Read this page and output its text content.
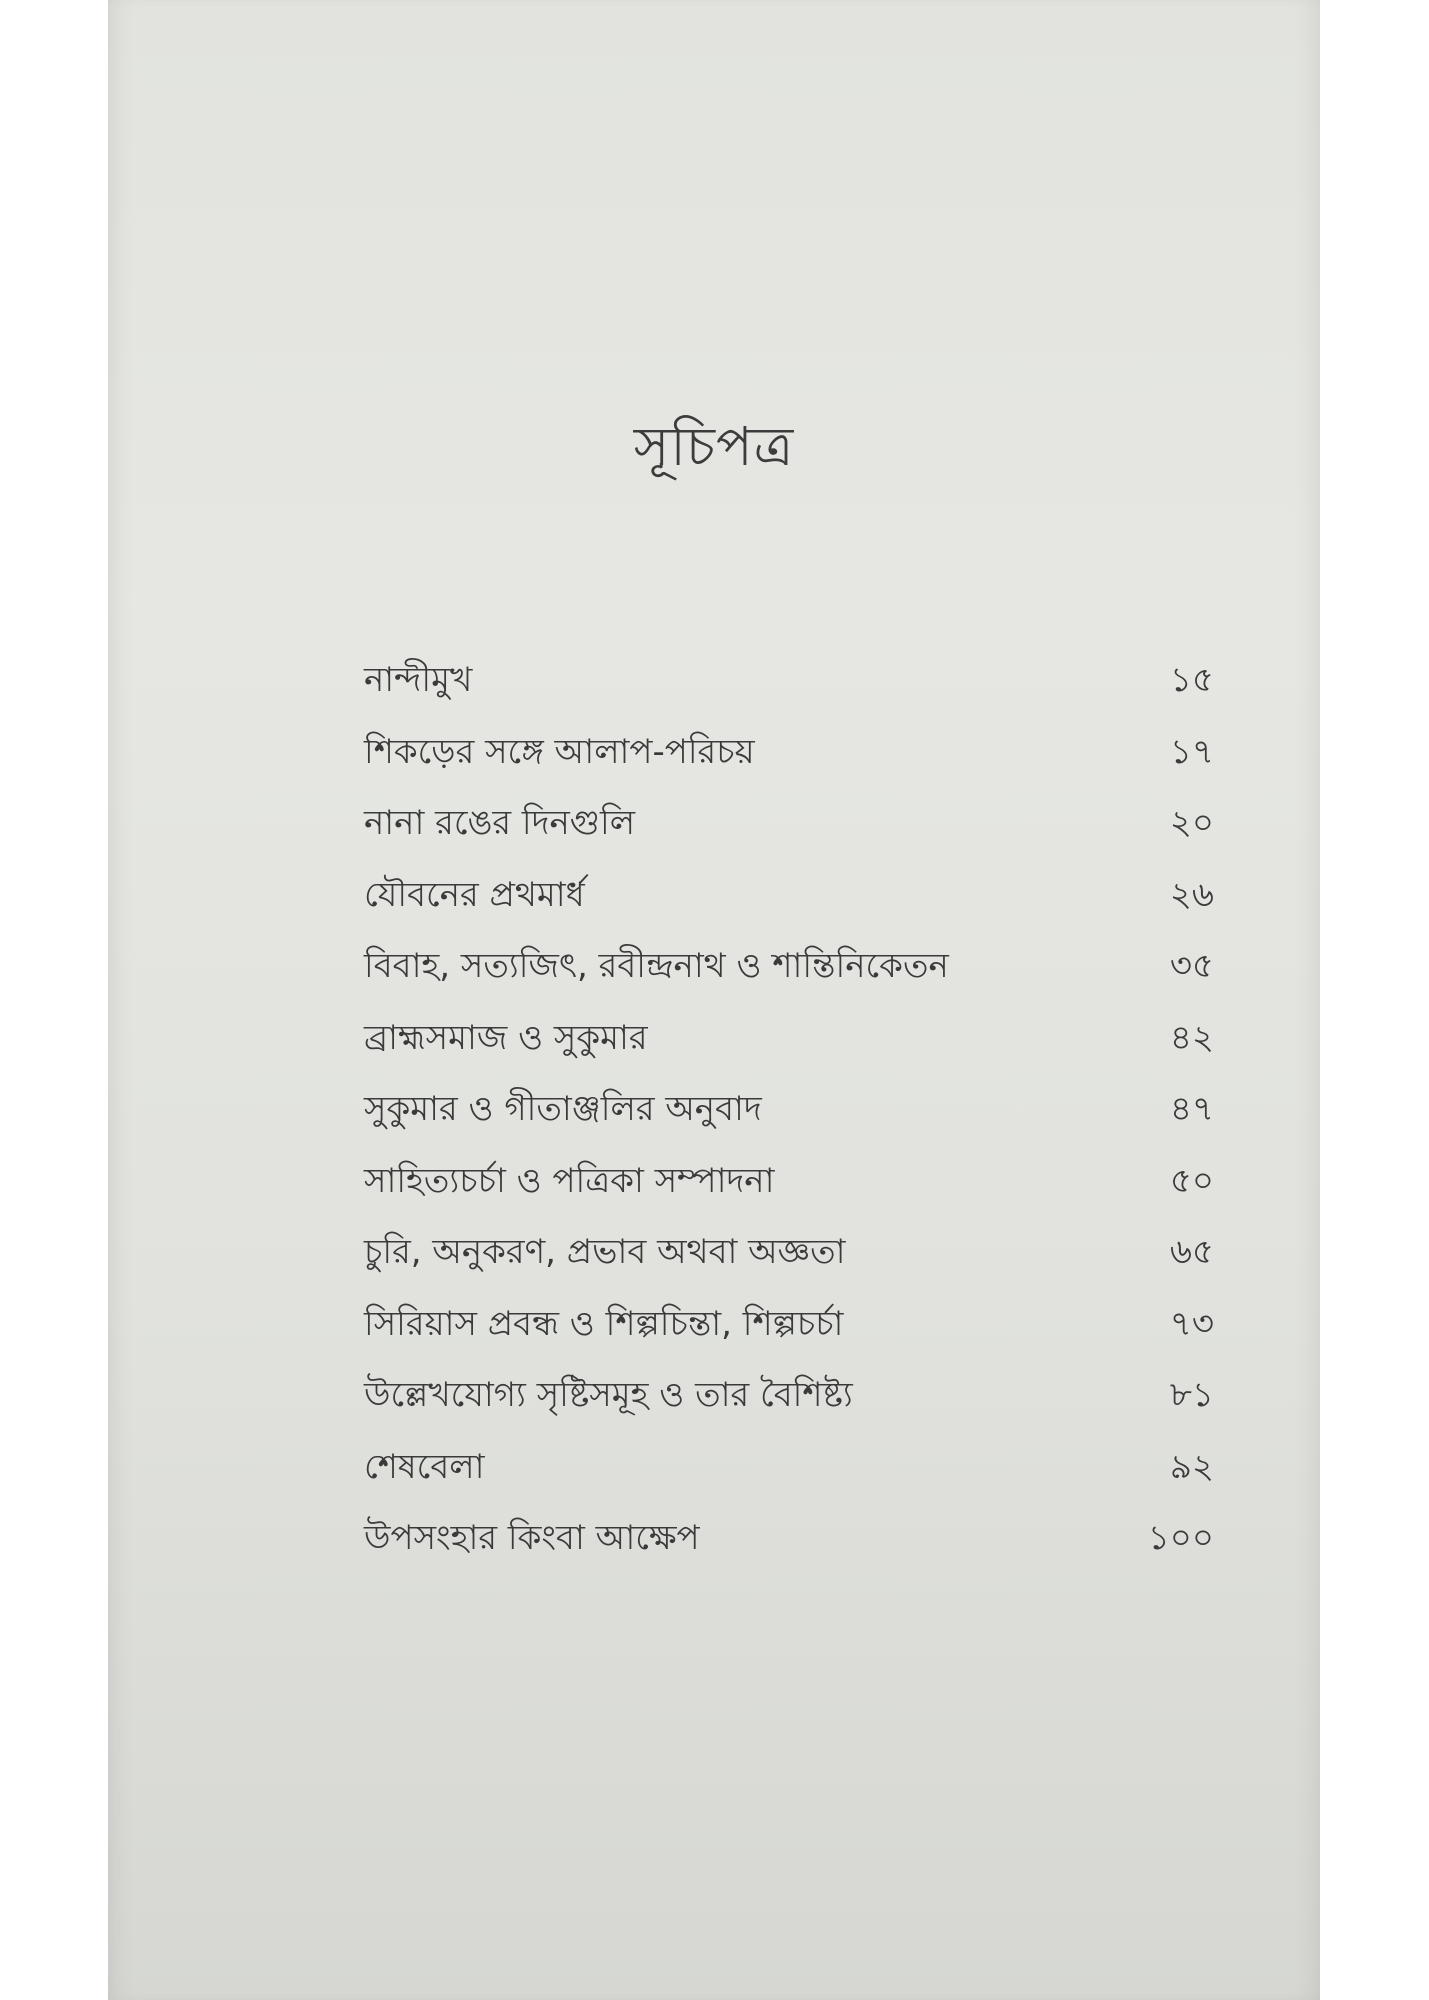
সূচিপত্র
নান্দীমুখ	১৫
শিকড়ের সঙ্গে আলাপ-পরিচয়	১৭
নানা রঙের দিনগুলি	২০
যৌবনের প্রথমার্ধ	২৬
বিবাহ, সত্যজিৎ, রবীন্দ্রনাথ ও শান্তিনিকেতন	৩৫
ব্রাহ্মসমাজ ও সুকুমার	৪২
সুকুমার ও গীতাঞ্জলির অনুবাদ	৪৭
সাহিত্যচর্চা ও পত্রিকা সম্পাদনা	৫০
চুরি, অনুকরণ, প্রভাব অথবা অজ্ঞতা	৬৫
সিরিয়াস প্রবন্ধ ও শিল্পচিন্তা, শিল্পচর্চা	৭৩
উল্লেখযোগ্য সৃষ্টিসমূহ ও তার বৈশিষ্ট্য	৮১
শেষবেলা	৯২
উপসংহার কিংবা আক্ষেপ	১০০
